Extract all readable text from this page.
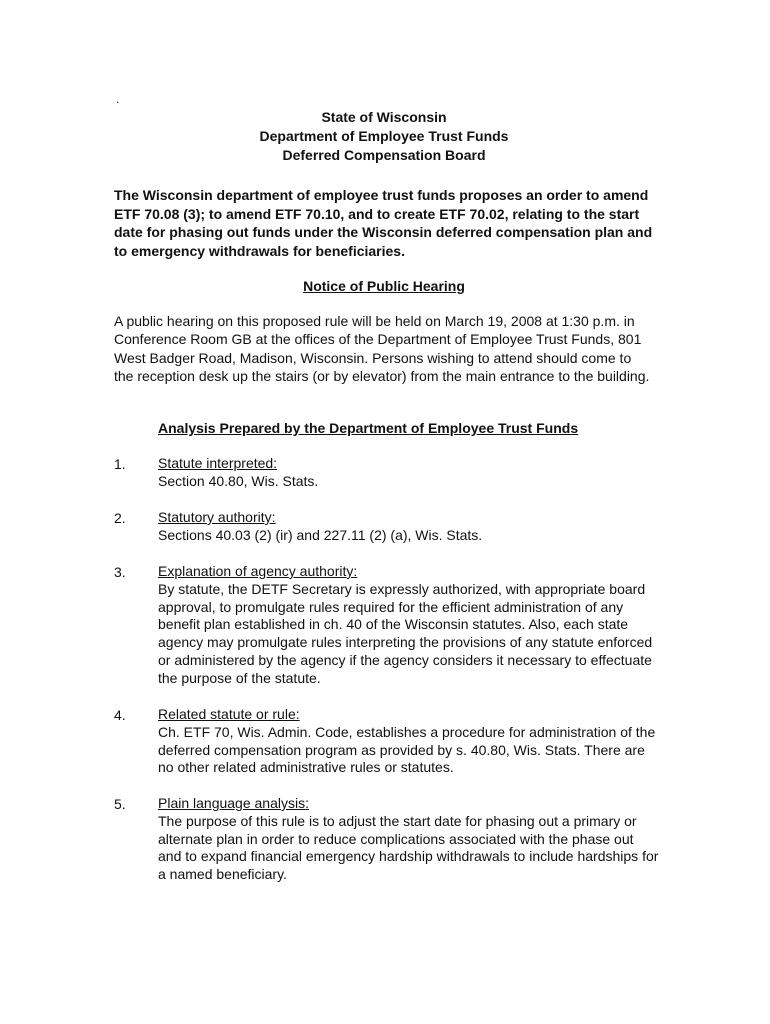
.
State of Wisconsin
Department of Employee Trust Funds
Deferred Compensation Board
The Wisconsin department of employee trust funds proposes an order to amend ETF 70.08 (3); to amend ETF 70.10, and to create ETF 70.02, relating to the start date for phasing out funds under the Wisconsin deferred compensation plan and to emergency withdrawals for beneficiaries.
Notice of Public Hearing
A public hearing on this proposed rule will be held on March 19, 2008 at 1:30 p.m. in Conference Room GB at the offices of the Department of Employee Trust Funds, 801 West Badger Road, Madison, Wisconsin. Persons wishing to attend should come to the reception desk up the stairs (or by elevator) from the main entrance to the building.
Analysis Prepared by the Department of Employee Trust Funds
1. Statute interpreted:
Section 40.80, Wis. Stats.
2. Statutory authority:
Sections 40.03 (2) (ir) and 227.11 (2) (a), Wis. Stats.
3. Explanation of agency authority:
By statute, the DETF Secretary is expressly authorized, with appropriate board approval, to promulgate rules required for the efficient administration of any benefit plan established in ch. 40 of the Wisconsin statutes. Also, each state agency may promulgate rules interpreting the provisions of any statute enforced or administered by the agency if the agency considers it necessary to effectuate the purpose of the statute.
4. Related statute or rule:
Ch. ETF 70, Wis. Admin. Code, establishes a procedure for administration of the deferred compensation program as provided by s. 40.80, Wis. Stats. There are no other related administrative rules or statutes.
5. Plain language analysis:
The purpose of this rule is to adjust the start date for phasing out a primary or alternate plan in order to reduce complications associated with the phase out and to expand financial emergency hardship withdrawals to include hardships for a named beneficiary.
